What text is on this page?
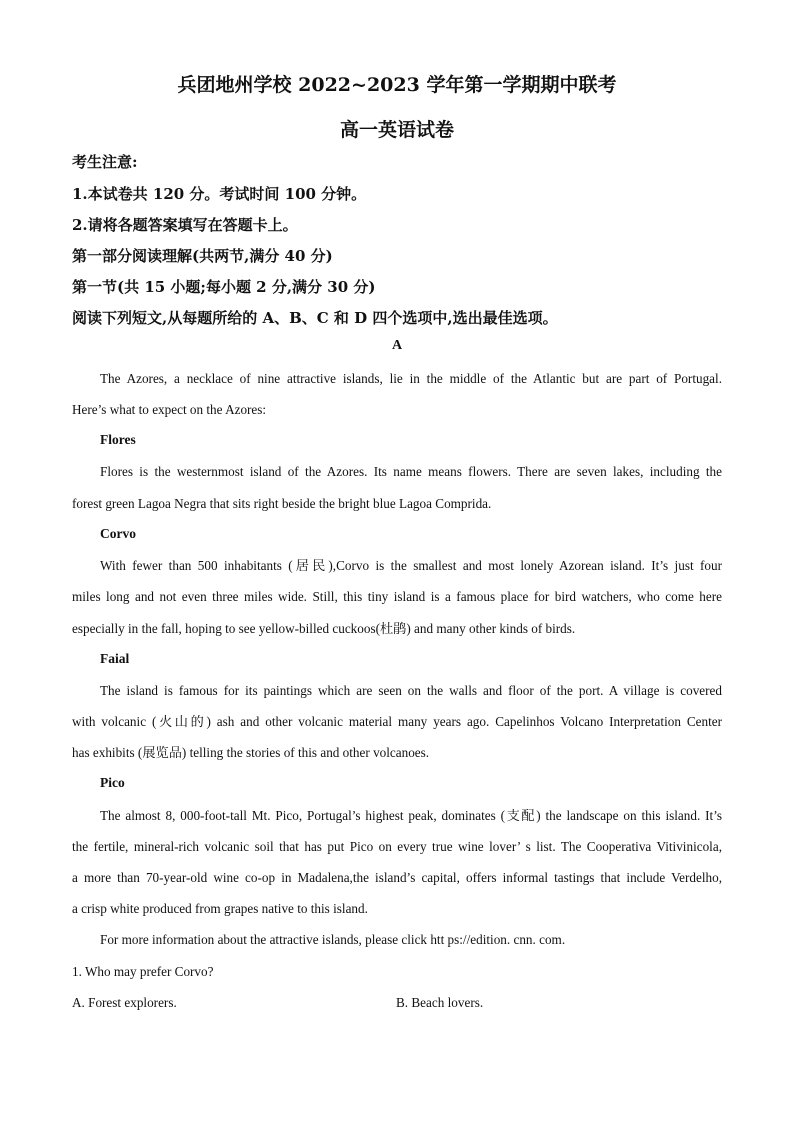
兵团地州学校 2022~2023 学年第一学期期中联考
高一英语试卷
考生注意:
1.本试卷共 120 分。考试时间 100 分钟。
2.请将各题答案填写在答题卡上。
第一部分阅读理解(共两节,满分 40 分)
第一节(共 15 小题;每小题 2 分,满分 30 分)
阅读下列短文,从每题所给的 A、B、C 和 D 四个选项中,选出最佳选项。
A
The Azores, a necklace of nine attractive islands, lie in the middle of the Atlantic but are part of Portugal.
Here’s what to expect on the Azores:
Flores
Flores is the westernmost island of the Azores. Its name means flowers. There are seven lakes, including the
forest green Lagoa Negra that sits right beside the bright blue Lagoa Comprida.
Corvo
With fewer than 500 inhabitants (居民),Corvo is the smallest and most lonely Azorean island. It’s just four
miles long and not even three miles wide. Still, this tiny island is a famous place for bird watchers, who come here
especially in the fall, hoping to see yellow-billed cuckoos(杜鹃) and many other kinds of birds.
Faial
The island is famous for its paintings which are seen on the walls and floor of the port. A village is covered
with volcanic (火山的) ash and other volcanic material many years ago. Capelinhos Volcano Interpretation Center
has exhibits (展览品) telling the stories of this and other volcanoes.
Pico
The almost 8, 000-foot-tall Mt. Pico, Portugal’s highest peak, dominates (支配) the landscape on this island. It’s
the fertile, mineral-rich volcanic soil that has put Pico on every true wine lover’ s list. The Cooperativa Vitivinicola,
a more than 70-year-old wine co-op in Madalena,the island’s capital, offers informal tastings that include Verdelho,
a crisp white produced from grapes native to this island.
For more information about the attractive islands, please click htt ps://edition. cnn. com.
1. Who may prefer Corvo?
A. Forest explorers.	B. Beach lovers.
